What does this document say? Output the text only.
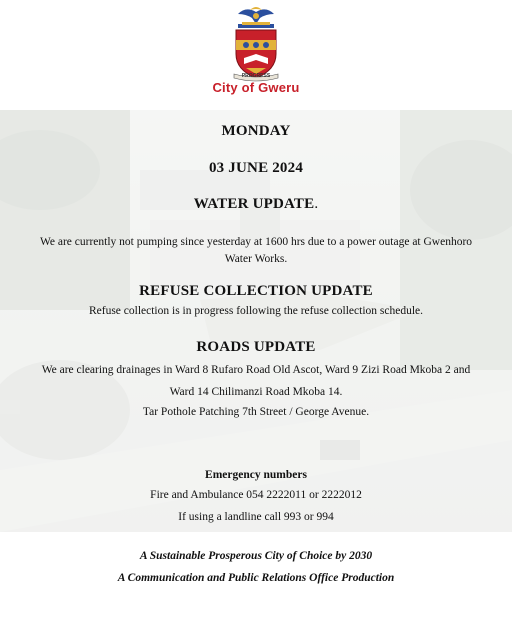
PROGRESS
City of Gweru
MONDAY
03 JUNE 2024
WATER UPDATE.
We are currently not pumping since yesterday at 1600 hrs due to a power outage at Gwenhoro
Water Works.
REFUSE COLLECTION UPDATE
Refuse collection is in progress following the refuse collection schedule.
ROADS UPDATE
We are clearing drainages in Ward 8 Rufaro Road Old Ascot, Ward 9 Zizi Road Mkoba 2 and
Ward 14 Chilimanzi Road Mkoba 14.
Tar Pothole Patching 7th Street / George Avenue.
Emergency numbers
Fire and Ambulance 054 2222011 or 2222012
If using a landline call 993 or 994
A Sustainable Prosperous City of Choice by 2030
A Communication and Public Relations Office Production
